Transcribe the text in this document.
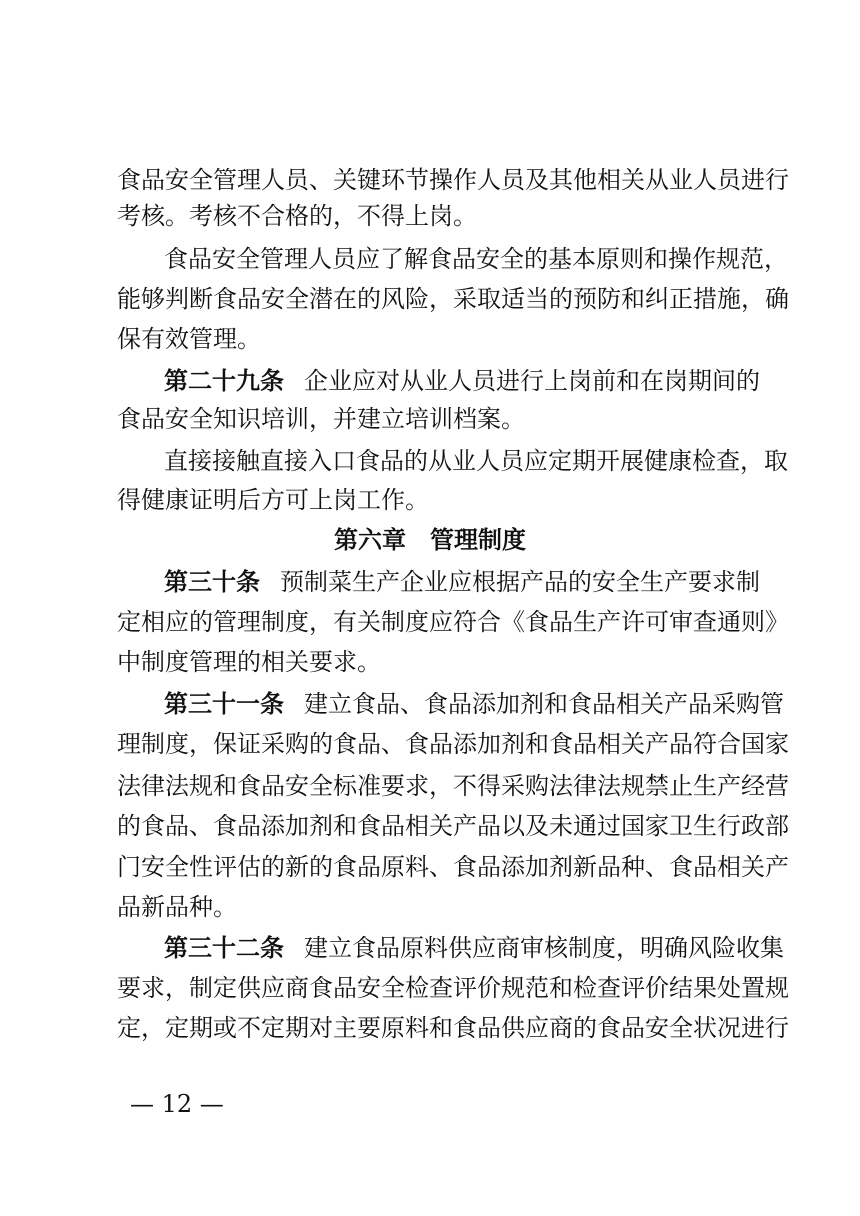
食品安全管理人员、关键环节操作人员及其他相关从业人员进行
考核。考核不合格的，不得上岗。
食品安全管理人员应了解食品安全的基本原则和操作规范，
能够判断食品安全潜在的风险，采取适当的预防和纠正措施，确
保有效管理。
第二十九条 企业应对从业人员进行上岗前和在岗期间的
食品安全知识培训，并建立培训档案。
直接接触直接入口食品的从业人员应定期开展健康检查，取
得健康证明后方可上岗工作。
第六章　管理制度
第三十条 预制菜生产企业应根据产品的安全生产要求制
定相应的管理制度，有关制度应符合《食品生产许可审查通则》
中制度管理的相关要求。
第三十一条 建立食品、食品添加剂和食品相关产品采购管
理制度，保证采购的食品、食品添加剂和食品相关产品符合国家
法律法规和食品安全标准要求，不得采购法律法规禁止生产经营
的食品、食品添加剂和食品相关产品以及未通过国家卫生行政部
门安全性评估的新的食品原料、食品添加剂新品种、食品相关产
品新品种。
第三十二条 建立食品原料供应商审核制度，明确风险收集
要求，制定供应商食品安全检查评价规范和检查评价结果处置规
定，定期或不定期对主要原料和食品供应商的食品安全状况进行
— 12 —
